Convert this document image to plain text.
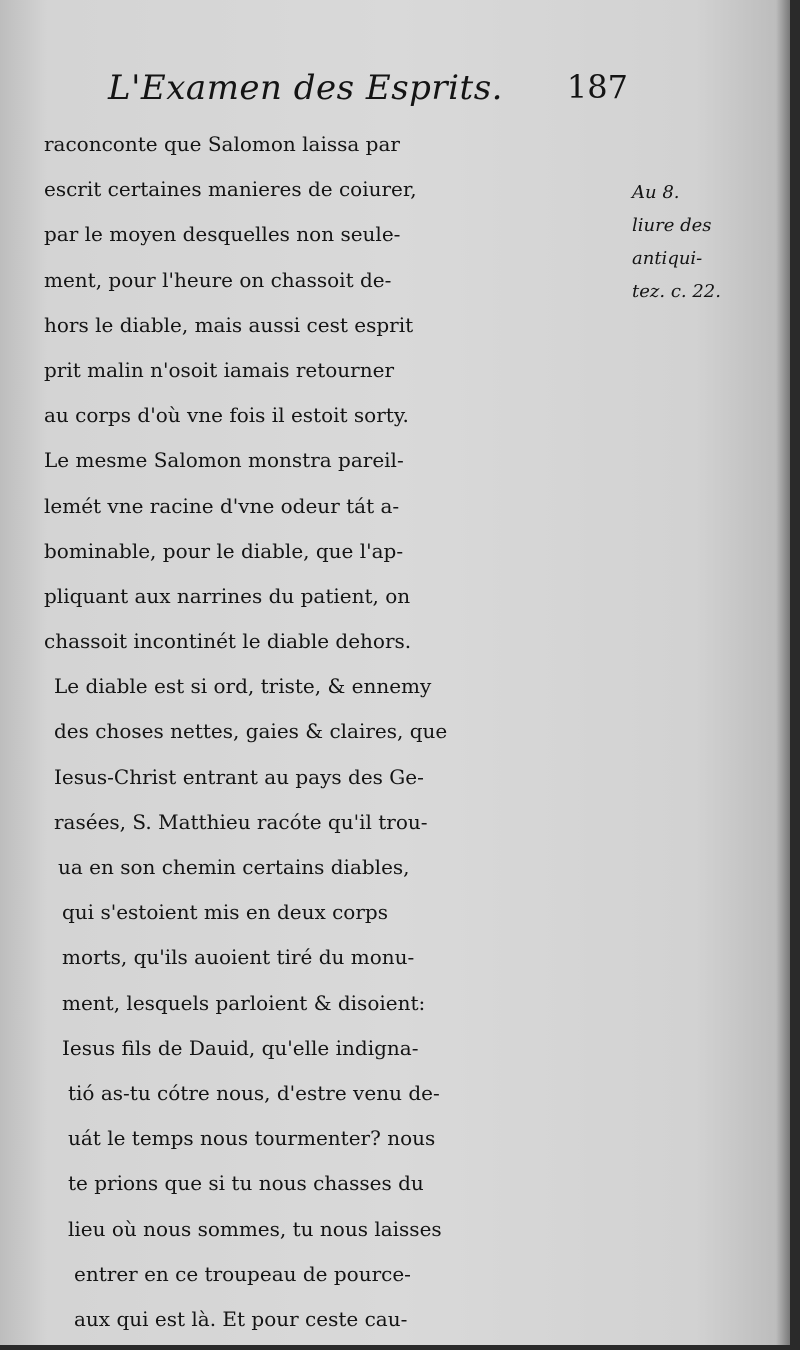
L'Examen des Esprits. 187
raconconte que Salomon laissa par
escrit certaines manieres de coiurer,
par le moyen desquelles non seule-
ment, pour l'heure on chassoit de-
hors le diable, mais aussi cest esprit
prit malin n'osoit iamais retourner
au corps d'où vne fois il estoit sorty.
Le mesme Salomon monstra pareil-
lemét vne racine d'vne odeur tát a-
bominable, pour le diable, que l'ap-
pliquant aux narrines du patient, on
chassoit incontinét le diable dehors.
Le diable est si ord, triste, & ennemy
des choses nettes, gaies & claires, que
Iesus-Christ entrant au pays des Ge-
rasées, S. Matthieu racóte qu'il trou-
ua en son chemin certains diables,
qui s'estoient mis en deux corps
morts, qu'ils auoient tiré du monu-
ment, lesquels parloient & disoient:
Iesus fils de Dauid, qu'elle indigna-
tió as-tu cótre nous, d'estre venu de-
uát le temps nous tourmenter? nous
te prions que si tu nous chasses du
lieu où nous sommes, tu nous laisses
entrer en ce troupeau de pource-
aux qui est là. Et pour ceste cau-
Au 8.
liure des
antiqui-
tez. c. 22.
